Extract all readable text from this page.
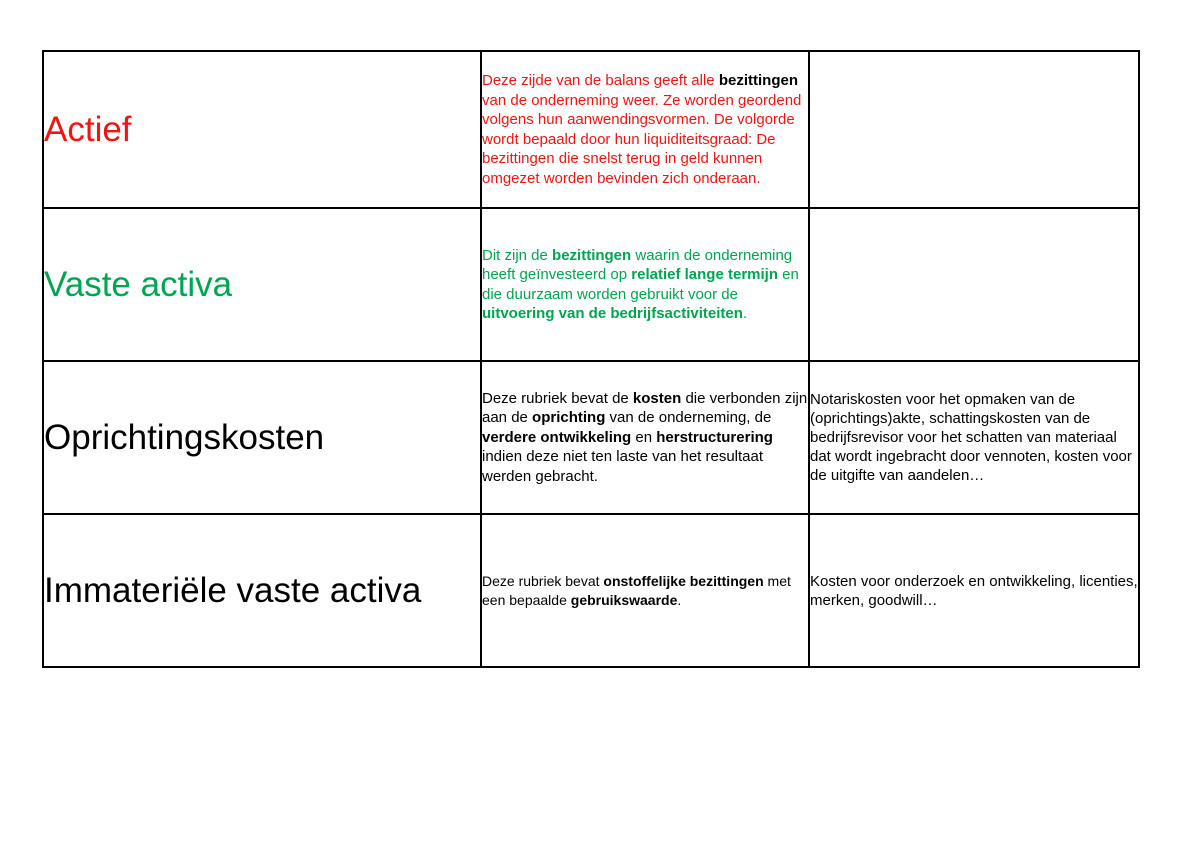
Actief	Deze zijde van de balans geeft alle bezittingen van de onderneming weer. Ze worden geordend volgens hun aanwendingsvormen. De volgorde wordt bepaald door hun liquiditeitsgraad: De bezittingen die snelst terug in geld kunnen omgezet worden bevinden zich onderaan.	
Vaste activa	Dit zijn de bezittingen waarin de onderneming heeft geïnvesteerd op relatief lange termijn en die duurzaam worden gebruikt voor de uitvoering van de bedrijfsactiviteiten.	
Oprichtingskosten	Deze rubriek bevat de kosten die verbonden zijn aan de oprichting van de onderneming, de verdere ontwikkeling en herstructurering indien deze niet ten laste van het resultaat werden gebracht.	Notariskosten voor het opmaken van de (oprichtings)akte, schattingskosten van de bedrijfsrevisor voor het schatten van materiaal dat wordt ingebracht door vennoten, kosten voor de uitgifte van aandelen…
Immateriële vaste activa	Deze rubriek bevat onstoffelijke bezittingen met een bepaalde gebruikswaarde.	Kosten voor onderzoek en ontwikkeling, licenties, merken, goodwill…
